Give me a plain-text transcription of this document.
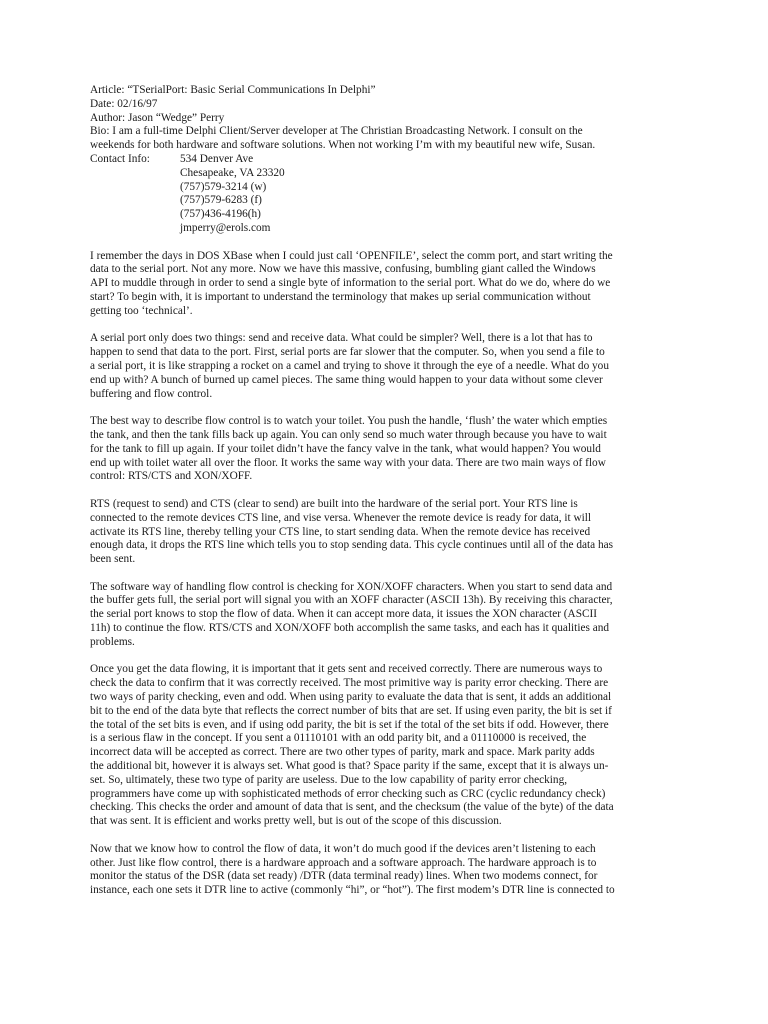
Article: “TSerialPort: Basic Serial Communications In Delphi”
Date: 02/16/97
Author: Jason “Wedge” Perry
Bio: I am a full-time Delphi Client/Server developer at The Christian Broadcasting Network. I consult on the
weekends for both hardware and software solutions. When not working I’m with my beautiful new wife, Susan.
Contact Info:	534 Denver Ave
Chesapeake, VA 23320
(757)579-3214 (w)
(757)579-6283 (f)
(757)436-4196(h)
jmperry@erols.com
I remember the days in DOS XBase when I could just call ‘OPENFILE’, select the comm port, and start writing the
data to the serial port. Not any more. Now we have this massive, confusing, bumbling giant called the Windows
API to muddle through in order to send a single byte of information to the serial port. What do we do, where do we
start? To begin with, it is important to understand the terminology that makes up serial communication without
getting too ‘technical’.
A serial port only does two things: send and receive data. What could be simpler? Well, there is a lot that has to
happen to send that data to the port. First, serial ports are far slower that the computer. So, when you send a file to
a serial port, it is like strapping a rocket on a camel and trying to shove it through the eye of a needle. What do you
end up with? A bunch of burned up camel pieces. The same thing would happen to your data without some clever
buffering and flow control.
The best way to describe flow control is to watch your toilet. You push the handle, ‘flush’ the water which empties
the tank, and then the tank fills back up again. You can only send so much water through because you have to wait
for the tank to fill up again. If your toilet didn’t have the fancy valve in the tank, what would happen? You would
end up with toilet water all over the floor. It works the same way with your data. There are two main ways of flow
control: RTS/CTS and XON/XOFF.
RTS (request to send) and CTS (clear to send) are built into the hardware of the serial port. Your RTS line is
connected to the remote devices CTS line, and vise versa. Whenever the remote device is ready for data, it will
activate its RTS line, thereby telling your CTS line, to start sending data. When the remote device has received
enough data, it drops the RTS line which tells you to stop sending data. This cycle continues until all of the data has
been sent.
The software way of handling flow control is checking for XON/XOFF characters. When you start to send data and
the buffer gets full, the serial port will signal you with an XOFF character (ASCII 13h). By receiving this character,
the serial port knows to stop the flow of data. When it can accept more data, it issues the XON character (ASCII
11h) to continue the flow. RTS/CTS and XON/XOFF both accomplish the same tasks, and each has it qualities and
problems.
Once you get the data flowing, it is important that it gets sent and received correctly. There are numerous ways to
check the data to confirm that it was correctly received. The most primitive way is parity error checking. There are
two ways of parity checking, even and odd. When using parity to evaluate the data that is sent, it adds an additional
bit to the end of the data byte that reflects the correct number of bits that are set. If using even parity, the bit is set if
the total of the set bits is even, and if using odd parity, the bit is set if the total of the set bits if odd. However, there
is a serious flaw in the concept. If you sent a 01110101 with an odd parity bit, and a 01110000 is received, the
incorrect data will be accepted as correct. There are two other types of parity, mark and space. Mark parity adds
the additional bit, however it is always set. What good is that? Space parity if the same, except that it is always un-
set. So, ultimately, these two type of parity are useless. Due to the low capability of parity error checking,
programmers have come up with sophisticated methods of error checking such as CRC (cyclic redundancy check)
checking. This checks the order and amount of data that is sent, and the checksum (the value of the byte) of the data
that was sent. It is efficient and works pretty well, but is out of the scope of this discussion.
Now that we know how to control the flow of data, it won’t do much good if the devices aren’t listening to each
other. Just like flow control, there is a hardware approach and a software approach. The hardware approach is to
monitor the status of the DSR (data set ready) /DTR (data terminal ready) lines. When two modems connect, for
instance, each one sets it DTR line to active (commonly “hi”, or “hot”). The first modem’s DTR line is connected to
